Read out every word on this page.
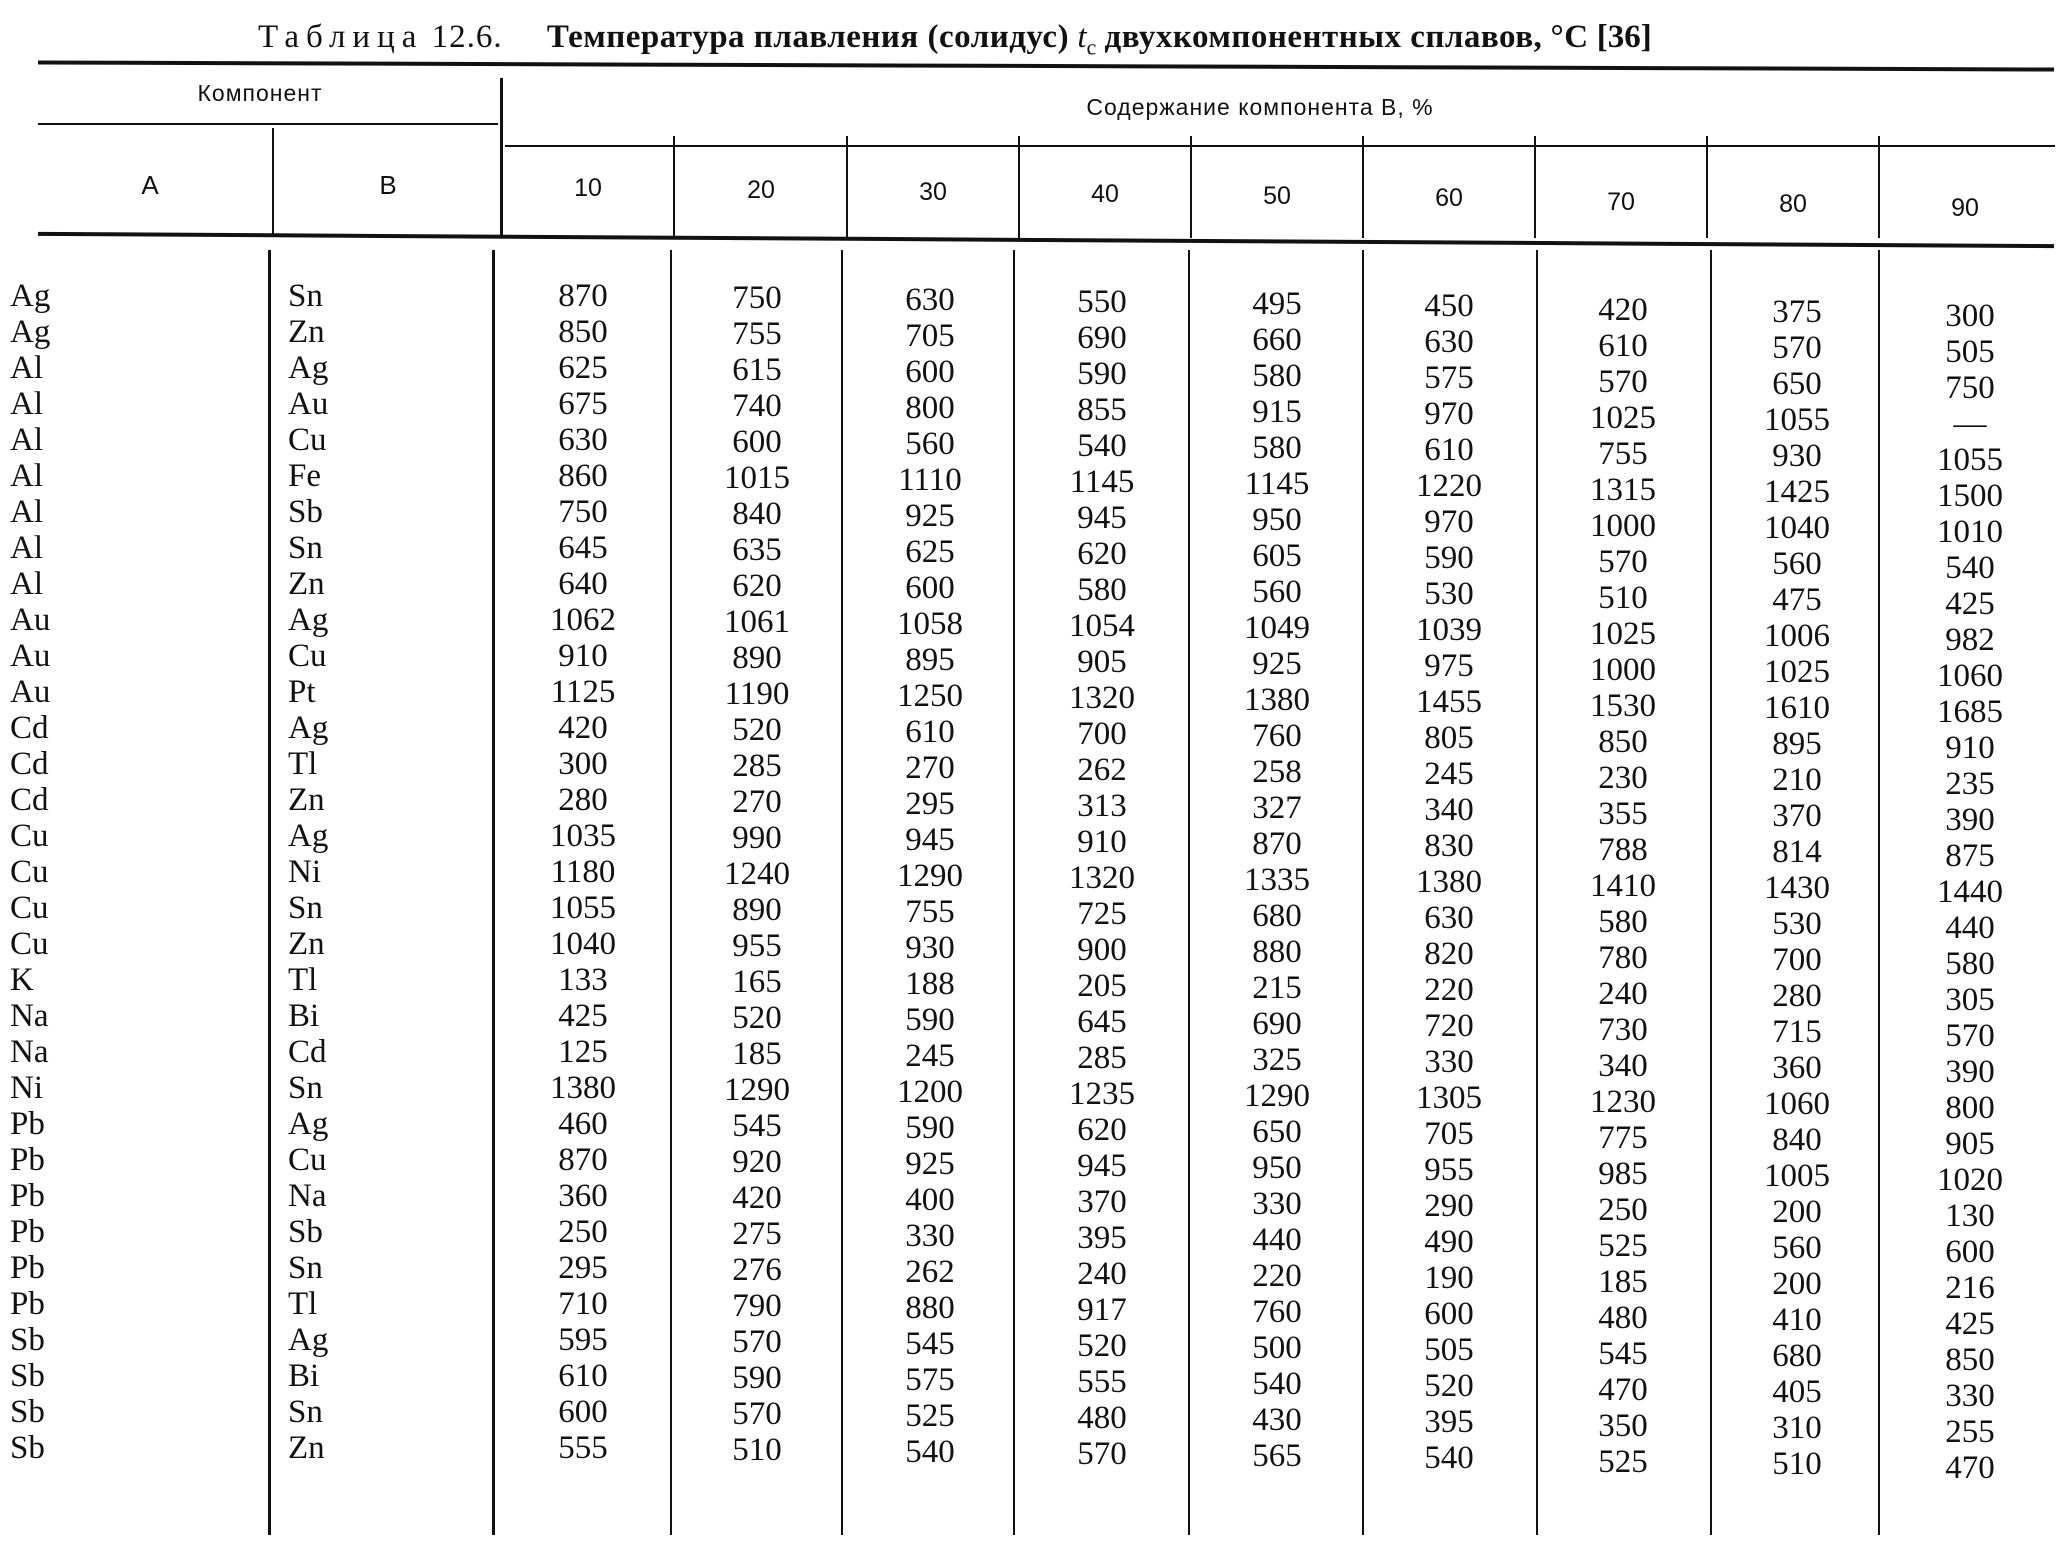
Таблица 12.6. Температура плавления (солидус) $t_c$ двухкомпонентных сплавов, °C [36]
Компонент
Содержание компонента В, %
А	В	10	20	30	40	50	60	70	80	90
Ag	Sn	870	750	630	550	495	450	420	375	300
Ag	Zn	850	755	705	690	660	630	610	570	505
Al	Ag	625	615	600	590	580	575	570	650	750
Al	Au	675	740	800	855	915	970	1025	1055	—
Al	Cu	630	600	560	540	580	610	755	930	1055
Al	Fe	860	1015	1110	1145	1145	1220	1315	1425	1500
Al	Sb	750	840	925	945	950	970	1000	1040	1010
Al	Sn	645	635	625	620	605	590	570	560	540
Al	Zn	640	620	600	580	560	530	510	475	425
Au	Ag	1062	1061	1058	1054	1049	1039	1025	1006	982
Au	Cu	910	890	895	905	925	975	1000	1025	1060
Au	Pt	1125	1190	1250	1320	1380	1455	1530	1610	1685
Cd	Ag	420	520	610	700	760	805	850	895	910
Cd	Tl	300	285	270	262	258	245	230	210	235
Cd	Zn	280	270	295	313	327	340	355	370	390
Cu	Ag	1035	990	945	910	870	830	788	814	875
Cu	Ni	1180	1240	1290	1320	1335	1380	1410	1430	1440
Cu	Sn	1055	890	755	725	680	630	580	530	440
Cu	Zn	1040	955	930	900	880	820	780	700	580
K	Tl	133	165	188	205	215	220	240	280	305
Na	Bi	425	520	590	645	690	720	730	715	570
Na	Cd	125	185	245	285	325	330	340	360	390
Ni	Sn	1380	1290	1200	1235	1290	1305	1230	1060	800
Pb	Ag	460	545	590	620	650	705	775	840	905
Pb	Cu	870	920	925	945	950	955	985	1005	1020
Pb	Na	360	420	400	370	330	290	250	200	130
Pb	Sb	250	275	330	395	440	490	525	560	600
Pb	Sn	295	276	262	240	220	190	185	200	216
Pb	Tl	710	790	880	917	760	600	480	410	425
Sb	Ag	595	570	545	520	500	505	545	680	850
Sb	Bi	610	590	575	555	540	520	470	405	330
Sb	Sn	600	570	525	480	430	395	350	310	255
Sb	Zn	555	510	540	570	565	540	525	510	470
